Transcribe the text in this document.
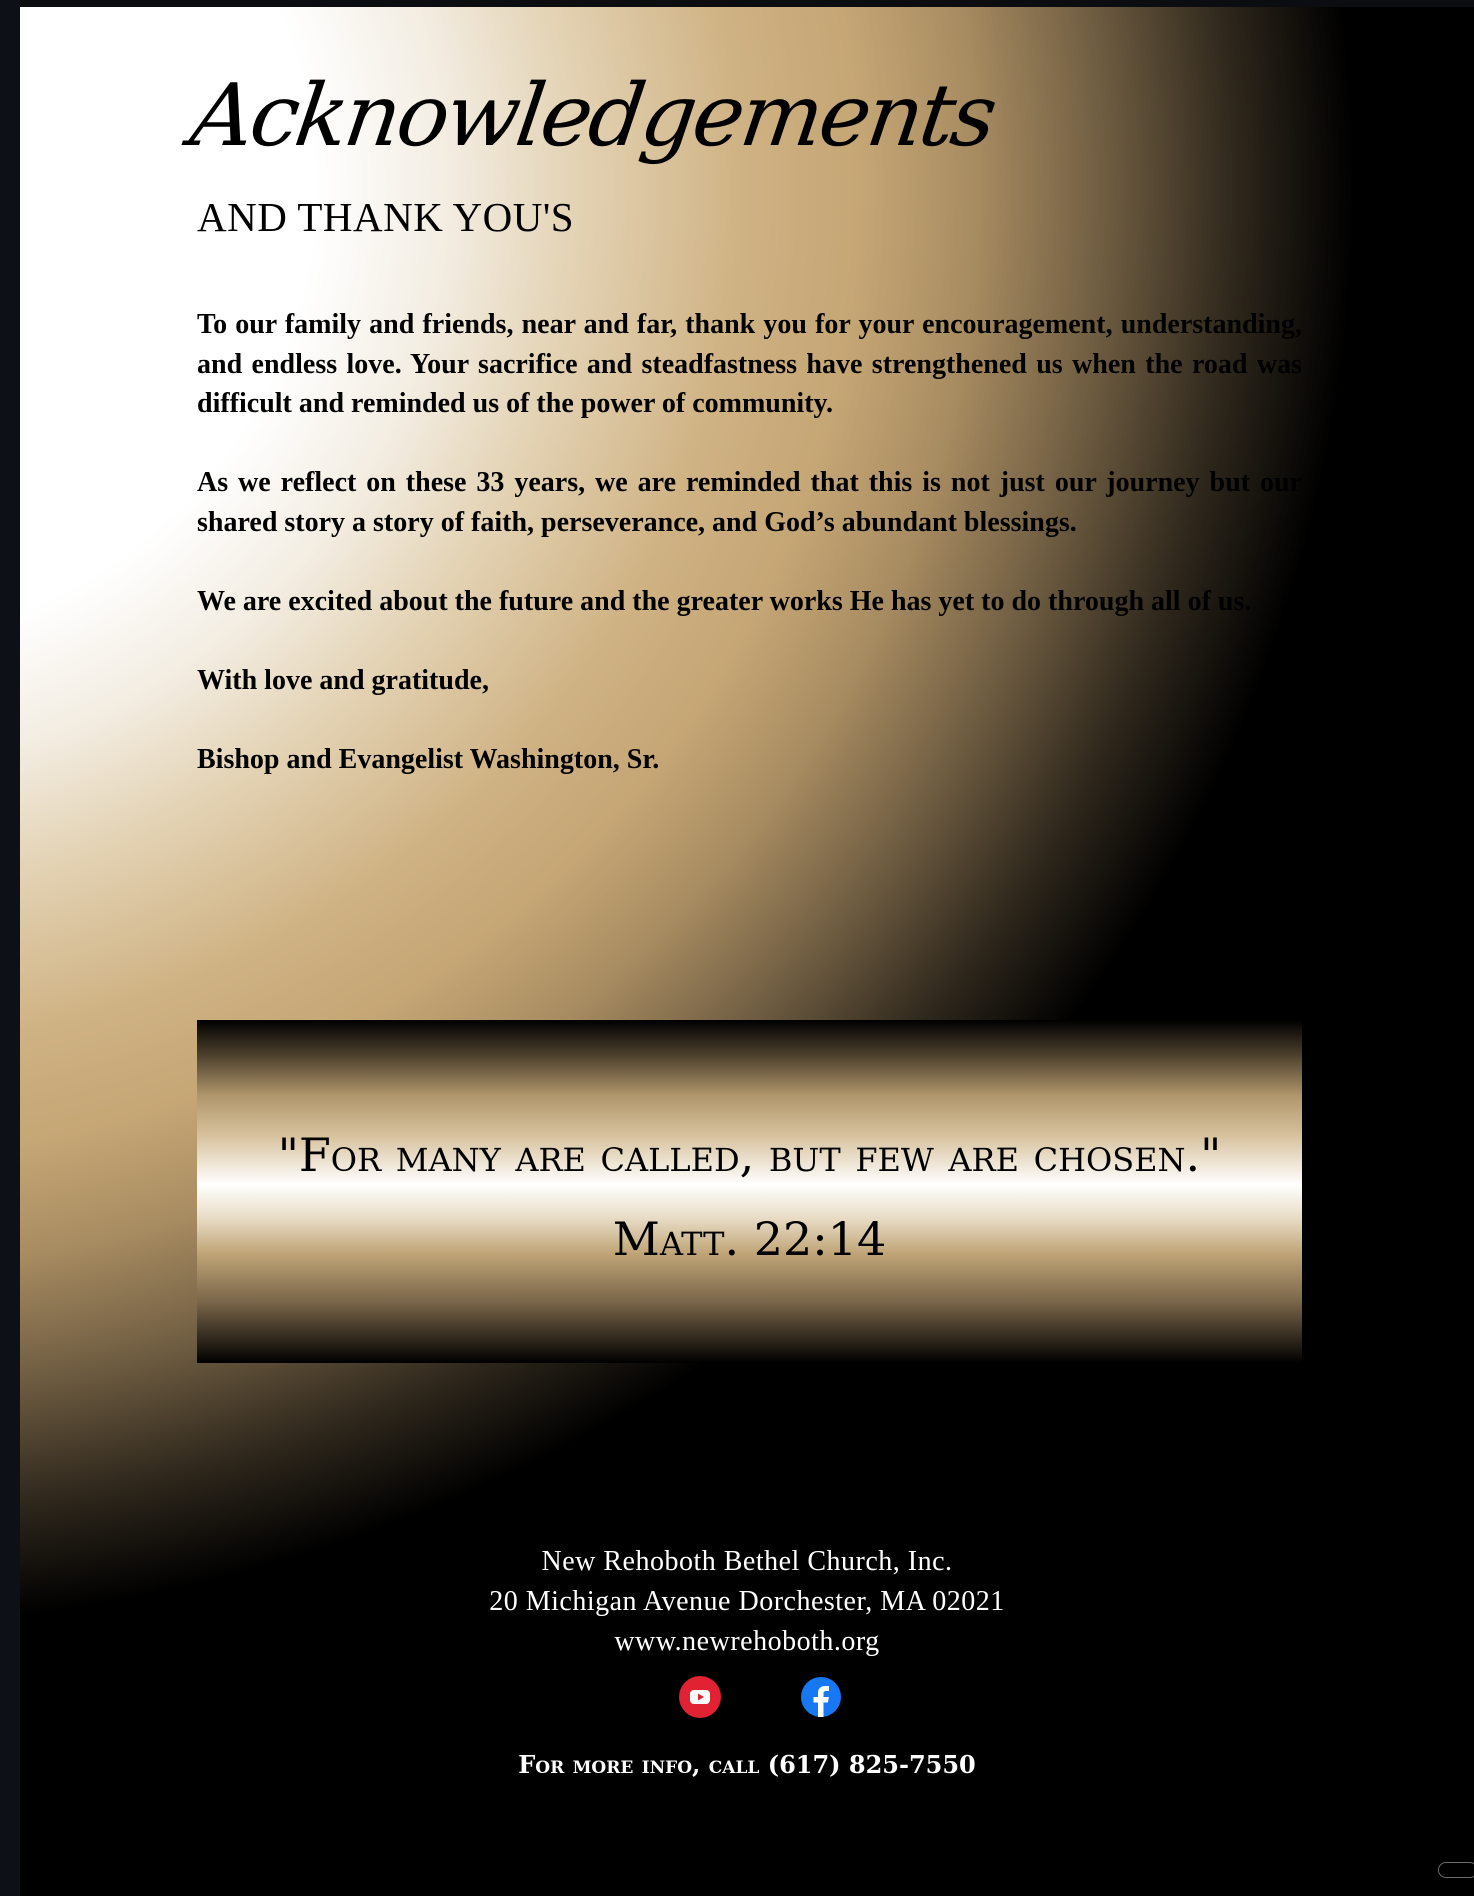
Acknowledgements
AND THANK YOU'S

To our family and friends, near and far, thank you for your encouragement, understanding, and endless love. Your sacrifice and steadfastness have strengthened us when the road was difficult and reminded us of the power of community.

As we reflect on these 33 years, we are reminded that this is not just our journey but our shared story a story of faith, perseverance, and God’s abundant blessings.

We are excited about the future and the greater works He has yet to do through all of us.

With love and gratitude,

Bishop and Evangelist Washington, Sr.

"For many are called, but few are chosen."

Matt. 22:14

New Rehoboth Bethel Church, Inc.
20 Michigan Avenue Dorchester, MA 02021
www.newrehoboth.org
For more info, call (617) 825-7550
